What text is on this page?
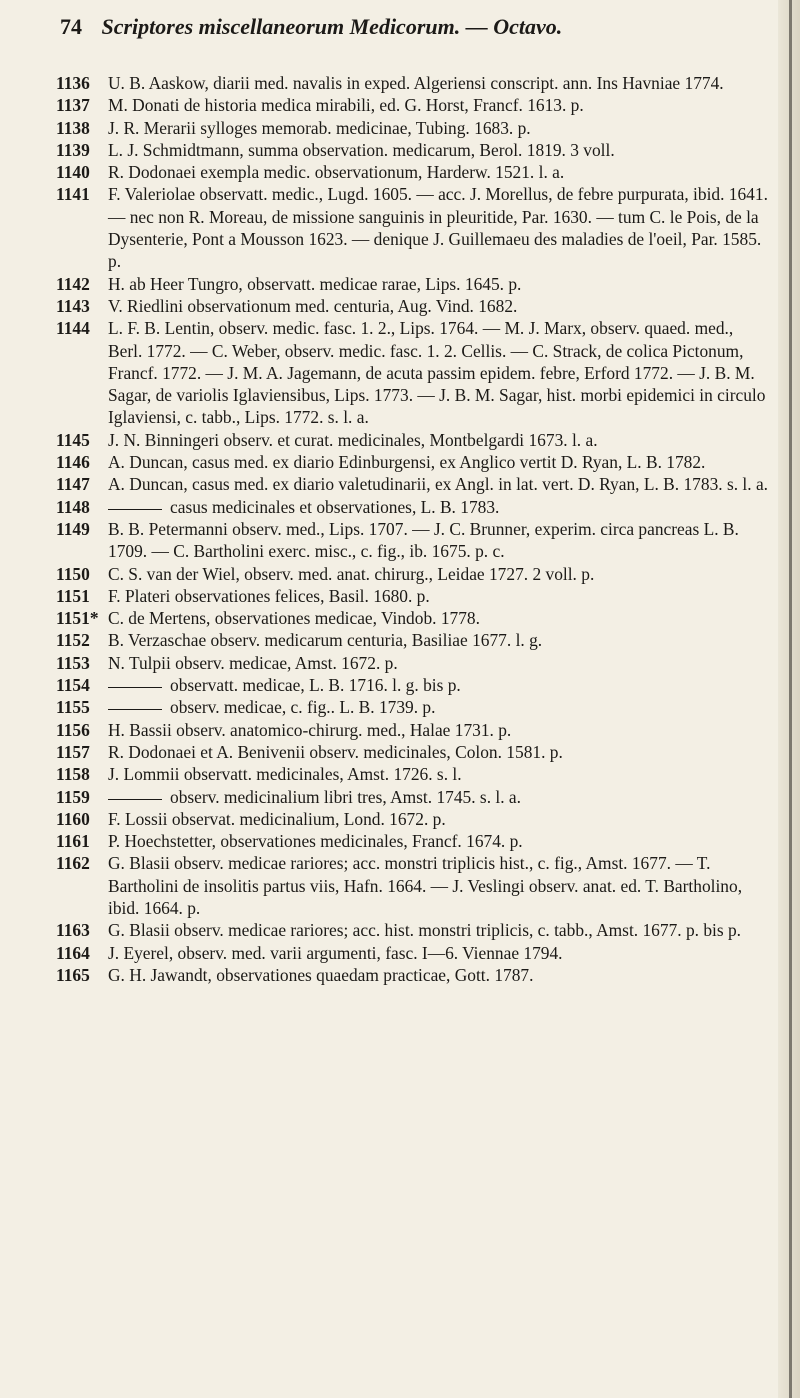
74 Scriptores miscellaneorum Medicorum. — Octavo.
1136 U. B. Aaskow, diarii med. navalis in exped. Algeriensi conscript. ann. Ins Havniae 1774.
1137 M. Donati de historia medica mirabili, ed. G. Horst, Francf. 1613. p.
1138 J. R. Merarii sylloges memorab. medicinae, Tubing. 1683. p.
1139 L. J. Schmidtmann, summa observation. medicarum, Berol. 1819. 3 voll.
1140 R. Dodonaei exempla medic. observationum, Harderw. 1521. l. a.
1141 F. Valeriolae observatt. medic., Lugd. 1605. — acc. J. Morellus, de febre purpurata, ibid. 1641. — nec non R. Moreau, de missione sanguinis in pleuritide, Par. 1630. — tum C. le Pois, de la Dysenterie, Pont a Mousson 1623. — denique J. Guillemaeu des maladies de l'oeil, Par. 1585. p.
1142 H. ab Heer Tungro, observatt. medicae rarae, Lips. 1645. p.
1143 V. Riedlini observationum med. centuria, Aug. Vind. 1682.
1144 L. F. B. Lentin, observ. medic. fasc. 1. 2., Lips. 1764. — M. J. Marx, observ. quaed. med., Berl. 1772. — C. Weber, observ. medic. fasc. 1. 2. Cellis. — C. Strack, de colica Pictonum, Francf. 1772. — J. M. A. Jagemann, de acuta passim epidem. febre, Erford 1772. — J. B. M. Sagar, de variolis Iglaviensibus, Lips. 1773. — J. B. M. Sagar, hist. morbi epidemici in circulo Iglaviensi, c. tabb., Lips. 1772. s. l. a.
1145 J. N. Binningeri observ. et curat. medicinales, Montbelgardi 1673. l. a.
1146 A. Duncan, casus med. ex diario Edinburgensi, ex Anglico vertit D. Ryan, L. B. 1782.
1147 A. Duncan, casus med. ex diario valetudinarii, ex Angl. in lat. vert. D. Ryan, L. B. 1783. s. l. a.
1148	casus medicinales et observationes, L. B. 1783.
1149 B. B. Petermanni observ. med., Lips. 1707. — J. C. Brunner, experim. circa pancreas L. B. 1709. — C. Bartholini exerc. misc., c. fig., ib. 1675. p. c.
1150 C. S. van der Wiel, observ. med. anat. chirurg., Leidae 1727. 2 voll. p.
1151 F. Plateri observationes felices, Basil. 1680. p.
1151* C. de Mertens, observationes medicae, Vindob. 1778.
1152 B. Verzaschae observ. medicarum centuria, Basiliae 1677. l. g.
1153 N. Tulpii observ. medicae, Amst. 1672. p.
1154	observatt. medicae, L. B. 1716. l. g. bis p.
1155	observ. medicae, c. fig.. L. B. 1739. p.
1156 H. Bassii observ. anatomico-chirurg. med., Halae 1731. p.
1157 R. Dodonaei et A. Benivenii observ. medicinales, Colon. 1581. p.
1158 J. Lommii observatt. medicinales, Amst. 1726. s. l.
1159	observ. medicinalium libri tres, Amst. 1745. s. l. a.
1160 F. Lossii observat. medicinalium, Lond. 1672. p.
1161 P. Hoechstetter, observationes medicinales, Francf. 1674. p.
1162 G. Blasii observ. medicae rariores; acc. monstri triplicis hist., c. fig., Amst. 1677. — T. Bartholini de insolitis partus viis, Hafn. 1664. — J. Veslingi observ. anat. ed. T. Bartholino, ibid. 1664. p.
1163 G. Blasii observ. medicae rariores; acc. hist. monstri triplicis, c. tabb., Amst. 1677. p. bis p.
1164 J. Eyerel, observ. med. varii argumenti, fasc. I—6. Viennae 1794.
1165 G. H. Jawandt, observationes quaedam practicae, Gott. 1787.
